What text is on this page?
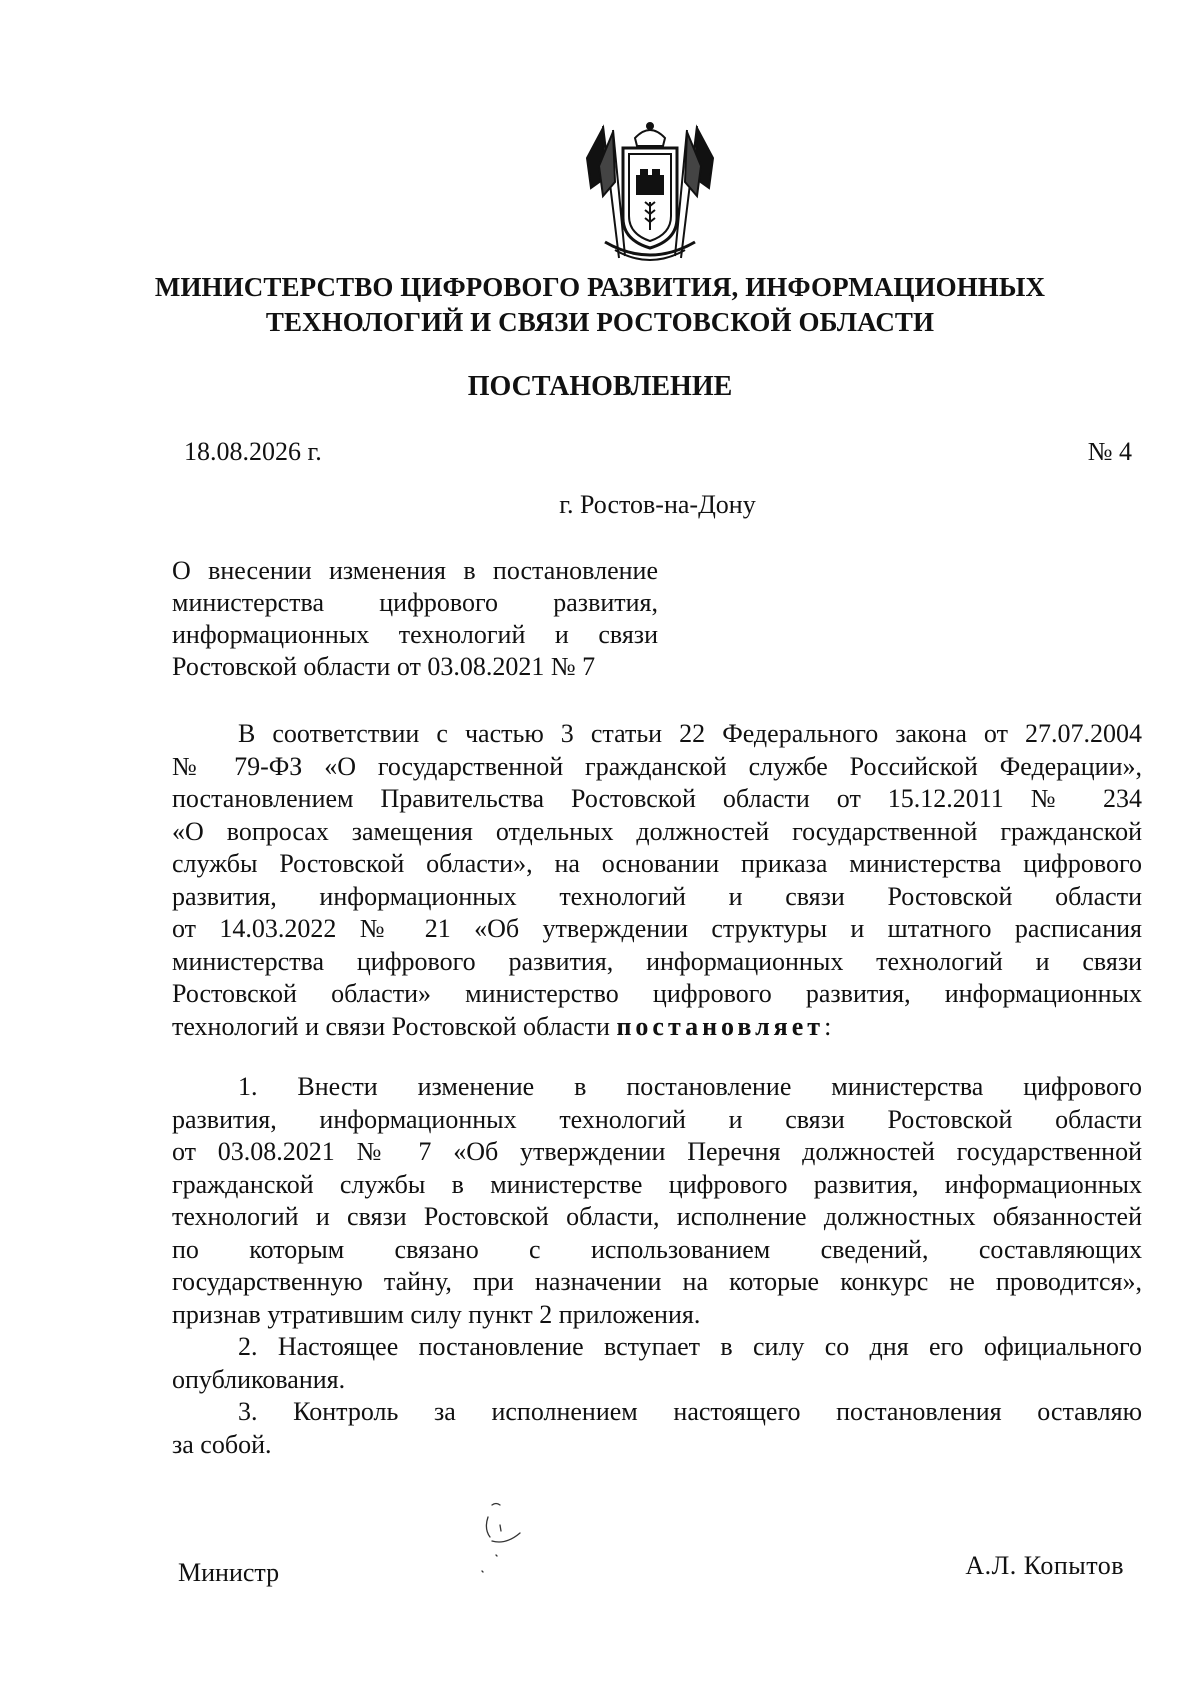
МИНИСТЕРСТВО ЦИФРОВОГО РАЗВИТИЯ, ИНФОРМАЦИОННЫХ
ТЕХНОЛОГИЙ И СВЯЗИ РОСТОВСКОЙ ОБЛАСТИ
ПОСТАНОВЛЕНИЕ
18.08.2026 г.	№ 4
г. Ростов-на-Дону
О внесении изменения в постановление
министерства цифрового развития,
информационных технологий и связи
Ростовской области от 03.08.2021 № 7
В соответствии с частью 3 статьи 22 Федерального закона от 27.07.2004
№ 79-ФЗ «О государственной гражданской службе Российской Федерации»,
постановлением Правительства Ростовской области от 15.12.2011 № 234
«О вопросах замещения отдельных должностей государственной гражданской
службы Ростовской области», на основании приказа министерства цифрового
развития, информационных технологий и связи Ростовской области
от 14.03.2022 № 21 «Об утверждении структуры и штатного расписания
министерства цифрового развития, информационных технологий и связи
Ростовской области» министерство цифрового развития, информационных
технологий и связи Ростовской области постановляет:
1. Внести изменение в постановление министерства цифрового
развития, информационных технологий и связи Ростовской области
от 03.08.2021 № 7 «Об утверждении Перечня должностей государственной
гражданской службы в министерстве цифрового развития, информационных
технологий и связи Ростовской области, исполнение должностных обязанностей
по которым связано с использованием сведений, составляющих
государственную тайну, при назначении на которые конкурс не проводится»,
признав утратившим силу пункт 2 приложения.
2. Настоящее постановление вступает в силу со дня его официального
опубликования.
3. Контроль за исполнением настоящего постановления оставляю
за собой.
Министр	А.Л. Копытов
